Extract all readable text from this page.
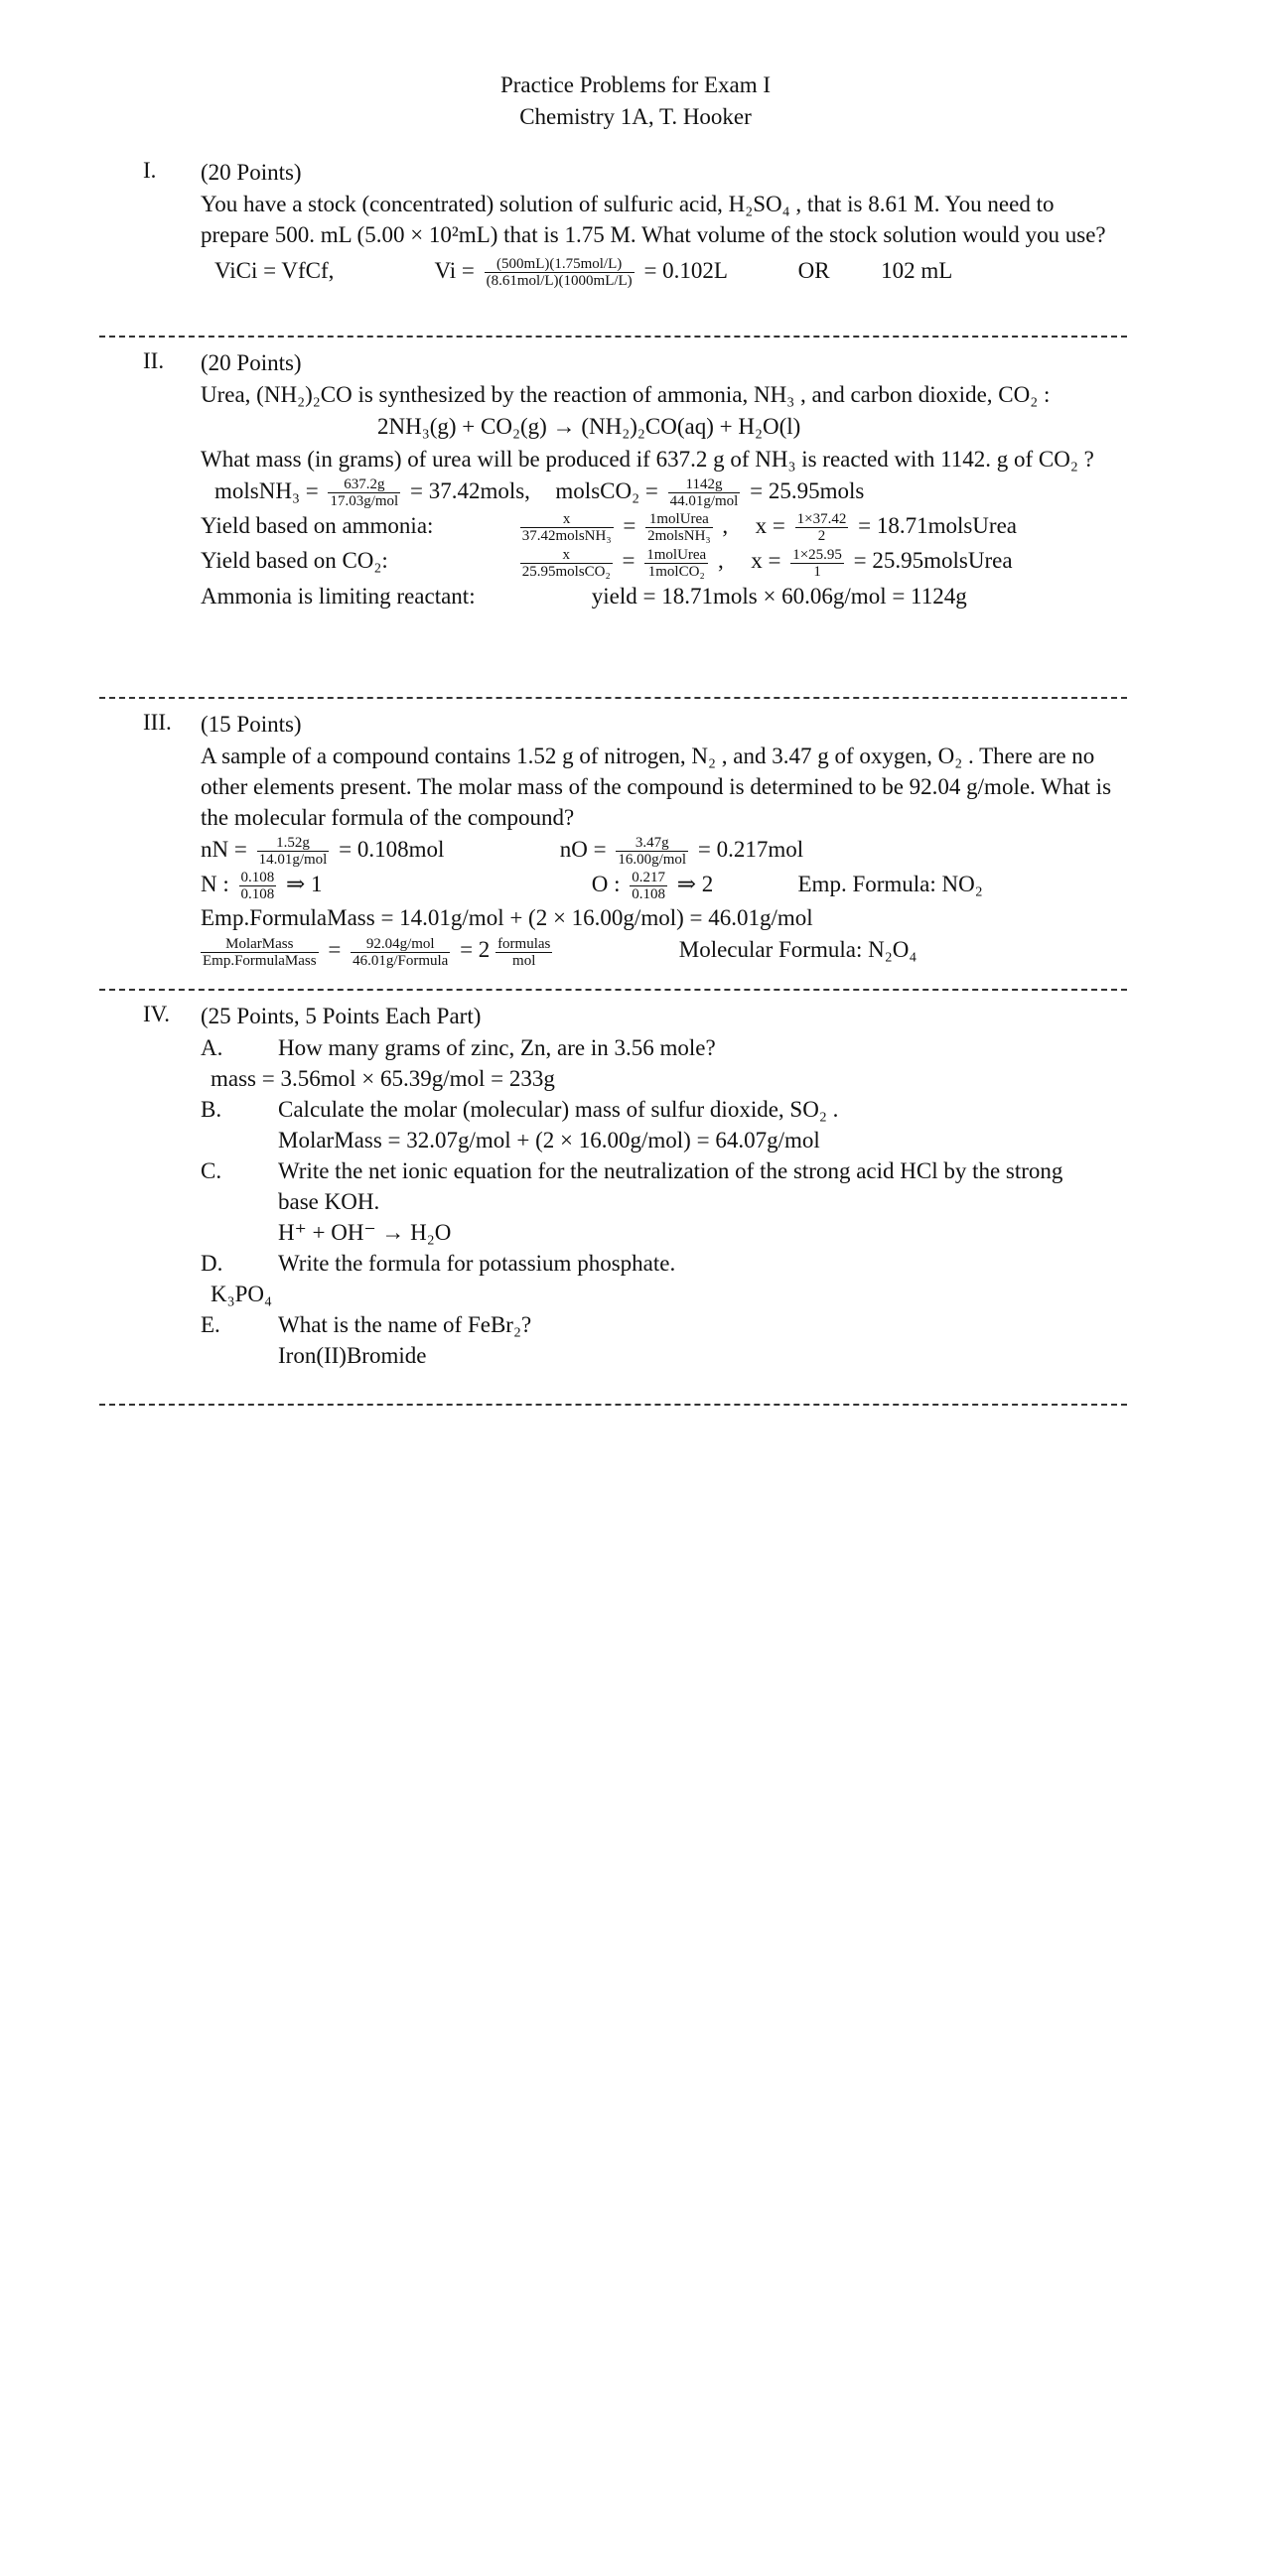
Practice Problems for Exam I
Chemistry 1A, T. Hooker
I. (20 Points)
You have a stock (concentrated) solution of sulfuric acid, H₂SO₄ , that is 8.61 M. You need to prepare 500. mL (5.00 × 10²mL) that is 1.75 M. What volume of the stock solution would you use?
ViCi = VfCf,	$Vi = \frac{\text{(500mL)(1.75mol/L)}}{\text{(8.61mol/L)(1000mL/L)}} = 0.102L$	OR 102 mL
II. (20 Points)
Urea, (NH₂)₂CO is synthesized by the reaction of ammonia, NH₃ , and carbon dioxide, CO₂ :
2NH₃(g) + CO₂(g) → (NH₂)₂CO(aq) + H₂O(l)
What mass (in grams) of urea will be produced if 637.2 g of NH₃ is reacted with 1142. g of CO₂ ?
molsNH₃ = $\frac{637.2g}{\text{17.03g/mol}}$ = 37.42mols, molsCO₂ = $\frac{1142g}{\text{44.01g/mol}}$ = 25.95mols
Yield based on ammonia:	$\frac{x}{\text{37.42molsNH₃}} = \frac{\text{1molUrea}}{\text{2molsNH₃}}$ , $x = \frac{1\times 37.42}{2}$ = 18.71molsUrea
Yield based on CO₂:	$\frac{x}{\text{25.95molsCO₂}} = \frac{\text{1molUrea}}{\text{1molCO₂}}$ , $x = \frac{1\times 25.95}{1}$ = 25.95molsUrea
Ammonia is limiting reactant:	yield = 18.71mols × 60.06g/mol = 1124g
III. (15 Points)
A sample of a compound contains 1.52 g of nitrogen, N₂ , and 3.47 g of oxygen, O₂ . There are no other elements present. The molar mass of the compound is determined to be 92.04 g/mole. What is the molecular formula of the compound?
nN = $\frac{1.52g}{\text{14.01g/mol}} = 0.108mol$	nO = $\frac{3.47g}{\text{16.00g/mol}} = 0.217mol$
N : $\frac{0.108}{0.108}$ ⇒ 1	O : $\frac{0.217}{0.108}$ ⇒ 2	Emp. Formula: NO₂
Emp.FormulaMass = 14.01g/mol + (2 × 16.00g/mol) = 46.01g/mol
$\frac{\text{MolarMass}}{\text{Emp.FormulaMass}} = \frac{\text{92.04g/mol}}{\text{46.01g/Formula}} = 2 \frac{\text{formulas}}{\text{mol}}$	Molecular Formula: N₂O₄
IV. (25 Points, 5 Points Each Part)
A. How many grams of zinc, Zn, are in 3.56 mole?
mass = 3.56mol × 65.39g/mol = 233g
B. Calculate the molar (molecular) mass of sulfur dioxide, SO₂ .
MolarMass = 32.07g/mol + (2 × 16.00g/mol) = 64.07g/mol
C. Write the net ionic equation for the neutralization of the strong acid HCl by the strong base KOH.
H⁺ + OH⁻ → H₂O
D. Write the formula for potassium phosphate.
K₃PO₄
E.	What is the name of FeBr₂?
Iron(II)Bromide
